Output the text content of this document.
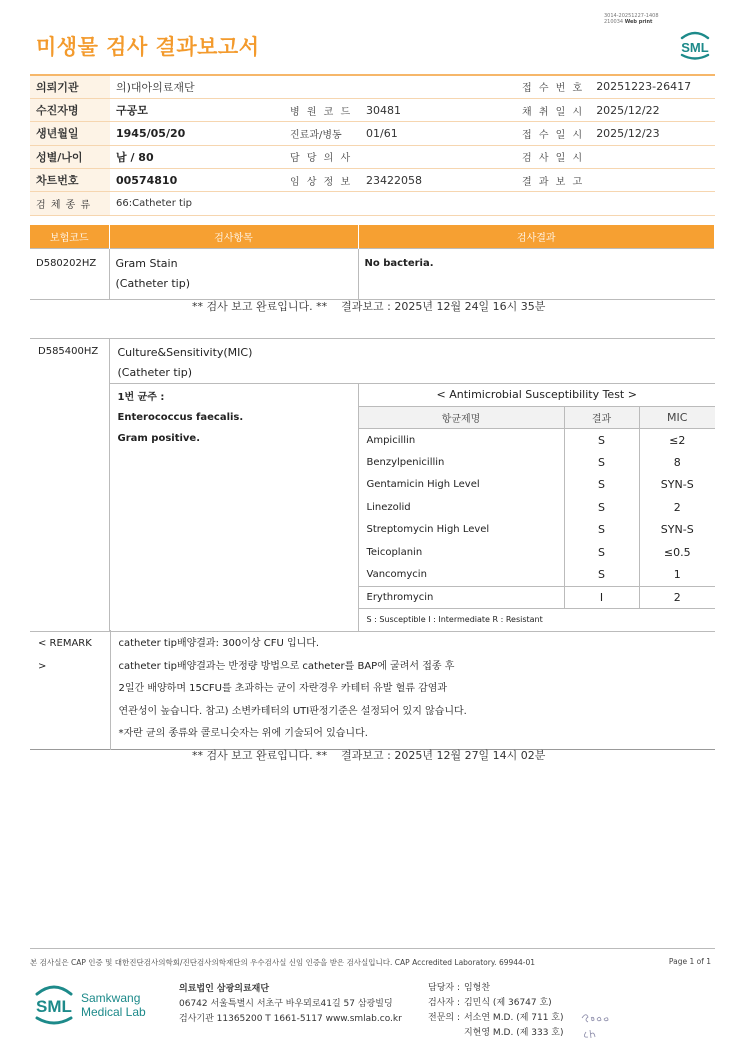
미생물 검사 결과보고서
3014-20251227-1408
210034 Web print
SML
의뢰기관	의)대아의료재단			접 수 번 호	20251223-26417
수진자명	구공모	병 원 코 드	30481	채 취 일 시	2025/12/22
생년월일	1945/05/20	진료과/병동	01/61	접 수 일 시	2025/12/23
성별/나이	남 / 80	담 당 의 사		검 사 일 시	
차트번호	00574810	임 상 정 보	23422058	결 과 보 고	
검 체 종 류	66:Catheter tip				
보험코드	검사항목	검사결과
D580202HZ	Gram Stain
(Catheter tip)	No bacteria.
** 검사 보고 완료입니다. ** 결과보고 : 2025년 12월 24일 16시 35분
D585400HZ	Culture&Sensitivity(MIC)			
	(Catheter tip)			
	1번 균주 :	< Antimicrobial Susceptibility Test >		
	Enterococcus faecalis.	항균제명	결과	MIC
	Gram positive.	Ampicillin	S	≤2
		Benzylpenicillin	S	8
		Gentamicin High Level	S	SYN-S
		Linezolid	S	2
		Streptomycin High Level	S	SYN-S
		Teicoplanin	S	≤0.5
		Vancomycin	S	1
		Erythromycin	I	2
		S : Susceptible I : Intermediate R : Resistant		
< REMARK >	
catheter tip배양결과: 300이상 CFU 입니다.
catheter tip배양결과는 반정량 방법으로 catheter를 BAP에 굴려서 접종 후
2일간 배양하며 15CFU를 초과하는 균이 자란경우 카테터 유발 혈류 감염과
연관성이 높습니다. 참고) 소변카테터의 UTI판정기준은 설정되어 있지 않습니다.
*자란 균의 종류와 콜로니숫자는 위에 기술되어 있습니다.
** 검사 보고 완료입니다. ** 결과보고 : 2025년 12월 27일 14시 02분
본 검사실은 CAP 인증 및 대한진단검사의학회/진단검사의학재단의 우수검사실 신임 인증을 받은 검사실입니다. CAP Accredited Laboratory. 69944-01	Page 1 of 1
SML Samkwang
Medical Lab
의료법인 삼광의료재단
06742 서울특별시 서초구 바우뫼로41길 57 삼광빌딩
검사기관 11365200 T 1661-5117 www.smlab.co.kr
담당자 :	임형찬
검사자 :	김민식 (제 36747 호)
전문의 :	서소연 M.D. (제 711 호)
	지현영 M.D. (제 333 호)
